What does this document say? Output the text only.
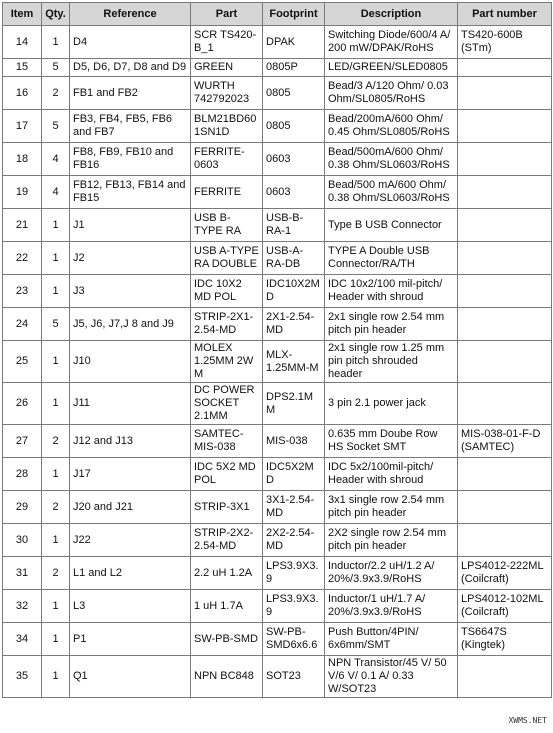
Item	Qty.	Reference	Part	Footprint	Description	Part number
14	1	D4	SCR TS420-B_1	DPAK	Switching Diode/600/4 A/ 200 mW/DPAK/RoHS	TS420-600B (STm)
15	5	D5, D6, D7, D8 and D9	GREEN	0805P	LED/GREEN/SLED0805	
16	2	FB1 and FB2	WURTH 742792023	0805	Bead/3 A/120 Ohm/ 0.03 Ohm/SL0805/RoHS	
17	5	FB3, FB4, FB5, FB6 and FB7	BLM21BD60 1SN1D	0805	Bead/200mA/600 Ohm/ 0.45 Ohm/SL0805/RoHS	
18	4	FB8, FB9, FB10 and FB16	FERRITE-0603	0603	Bead/500mA/600 Ohm/ 0.38 Ohm/SL0603/RoHS	
19	4	FB12, FB13, FB14 and FB15	FERRITE	0603	Bead/500 mA/600 Ohm/ 0.38 Ohm/SL0603/RoHS	
21	1	J1	USB B-TYPE RA	USB-B-RA-1	Type B USB Connector	
22	1	J2	USB A-TYPE RA DOUBLE	USB-A-RA-DB	TYPE A Double USB Connector/RA/TH	
23	1	J3	IDC 10X2 MD POL	IDC10X2M D	IDC 10x2/100 mil-pitch/ Header with shroud	
24	5	J5, J6, J7,J 8 and J9	STRIP-2X1-2.54-MD	2X1-2.54-MD	2x1 single row 2.54 mm pitch pin header	
25	1	J10	MOLEX 1.25MM 2W M	MLX-1.25MM-M	2x1 single row 1.25 mm pin pitch shrouded header	
26	1	J11	DC POWER SOCKET 2.1MM	DPS2.1MM	3 pin 2.1 power jack	
27	2	J12 and J13	SAMTEC-MIS-038	MIS-038	0.635 mm Doube Row HS Socket SMT	MIS-038-01-F-D (SAMTEC)
28	1	J17	IDC 5X2 MD POL	IDC5X2MD	IDC 5x2/100mil-pitch/ Header with shroud	
29	2	J20 and J21	STRIP-3X1	3X1-2.54-MD	3x1 single row 2.54 mm pitch pin header	
30	1	J22	STRIP-2X2-2.54-MD	2X2-2.54-MD	2X2 single row 2.54 mm pitch pin header	
31	2	L1 and L2	2.2 uH 1.2A	LPS3.9X3.9	Inductor/2.2 uH/1.2 A/ 20%/3.9x3.9/RoHS	LPS4012-222ML (Coilcraft)
32	1	L3	1 uH 1.7A	LPS3.9X3.9	Inductor/1 uH/1.7 A/ 20%/3.9x3.9/RoHS	LPS4012-102ML (Coilcraft)
34	1	P1	SW-PB-SMD	SW-PB-SMD6x6.6	Push Button/4PIN/ 6x6mm/SMT	TS6647S (Kingtek)
35	1	Q1	NPN BC848	SOT23	NPN Transistor/45 V/ 50 V/6 V/ 0.1 A/ 0.33 W/SOT23	
XWMS.NET
